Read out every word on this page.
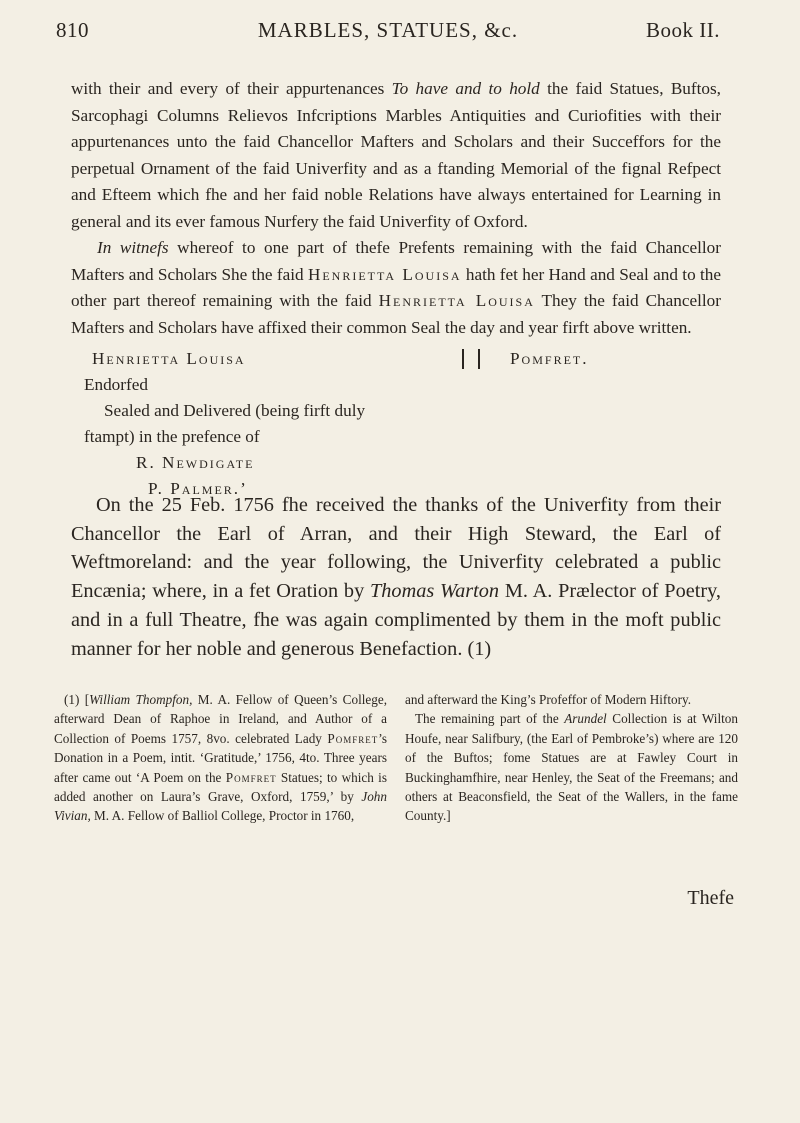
810	MARBLES, STATUES, &c.	Book II.

with their and every of their appurtenances To have and to hold the faid Statues, Buftos, Sarcophagi Columns Relievos Infcriptions Marbles Antiquities and Curiofities with their appurtenances unto the faid Chancellor Mafters and Scholars and their Succeffors for the perpetual Ornament of the faid Univerfity and as a ftanding Memorial of the fignal Refpect and Efteem which fhe and her faid noble Relations have always entertained for Learning in general and its ever famous Nurfery the faid Univerfity of Oxford.

In witnefs whereof to one part of thefe Prefents remaining with the faid Chancellor Mafters and Scholars She the faid Henrietta Louisa hath fet her Hand and Seal and to the other part thereof remaining with the faid Henrietta Louisa They the faid Chancellor Mafters and Scholars have affixed their common Seal the day and year firft above written.

Henrietta Louisa	Pomfret.
Endorfed
Sealed and Delivered (being firft duly
ftampt) in the prefence of
R. Newdigate
P. Palmer.’

On the 25 Feb. 1756 fhe received the thanks of the Univerfity from their Chancellor the Earl of Arran, and their High Steward, the Earl of Weftmoreland: and the year following, the Univerfity celebrated a public Encænia; where, in a fet Oration by Thomas Warton M. A. Prælector of Poetry, and in a full Theatre, fhe was again complimented by them in the moft public manner for her noble and generous Benefaction. (1)

(1) [William Thompfon, M. A. Fellow of Queen’s College, afterward Dean of Raphoe in Ireland, and Author of a Collection of Poems 1757, 8vo. celebrated Lady Pomfret’s Donation in a Poem, intit. ‘Gratitude,’ 1756, 4to. Three years after came out ‘A Poem on the Pomfret Statues; to which is added another on Laura’s Grave, Oxford, 1759,’ by John Vivian, M. A. Fellow of Balliol College, Proctor in 1760,

and afterward the King’s Profeffor of Modern Hiftory.

The remaining part of the Arundel Collection is at Wilton Houfe, near Salifbury, (the Earl of Pembroke’s) where are 120 of the Buftos; fome Statues are at Fawley Court in Buckinghamfhire, near Henley, the Seat of the Freemans; and others at Beaconsfield, the Seat of the Wallers, in the fame County.]

Thefe
